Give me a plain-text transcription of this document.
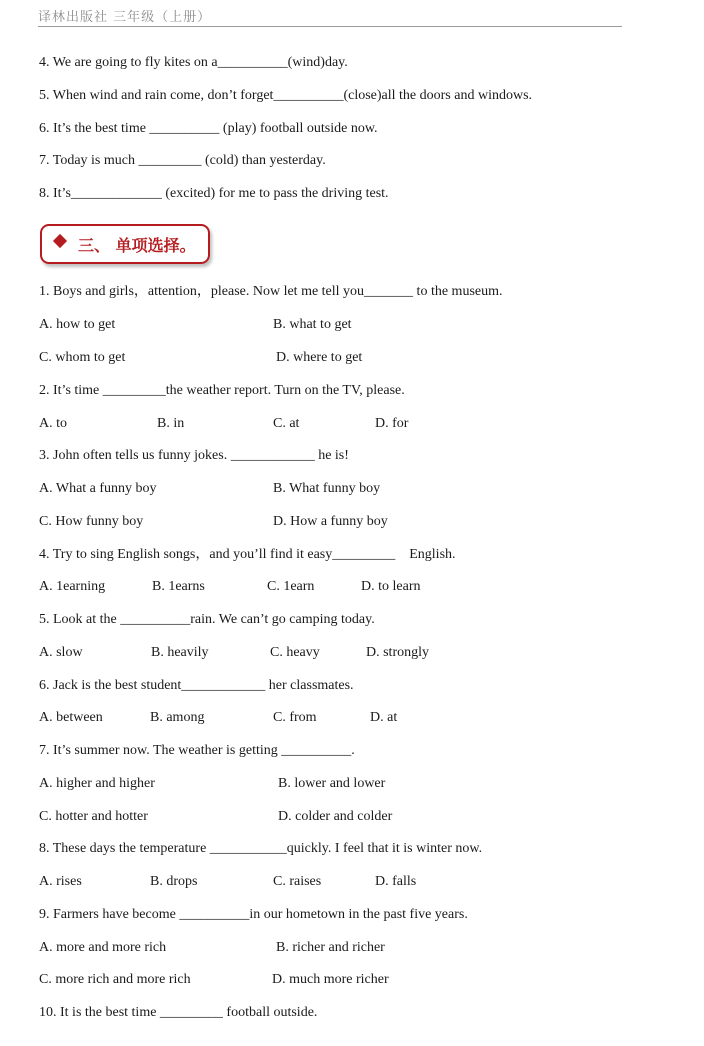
译林出版社 三年级（上册）
4. We are going to fly kites on a__________(wind)day.
5. When wind and rain come, don’t forget__________(close)all the doors and windows.
6. It’s the best time __________ (play) football outside now.
7. Today is much _________ (cold) than yesterday.
8. It’s_____________ (excited) for me to pass the driving test.
三、 单项选择。
1. Boys and girls，attention，please. Now let me tell you_______ to the museum.
A. how to get	B. what to get
C. whom to get	D. where to get
2. It’s time _________the weather report. Turn on the TV, please.
A. to	B. in	C. at	D. for
3. John often tells us funny jokes. ____________ he is!
A. What a funny boy	B. What funny boy
C. How funny boy	D. How a funny boy
4. Try to sing English songs，and you’ll find it easy_________    English.
A. 1earning	B. 1earns	C. 1earn	D. to learn
5. Look at the __________rain. We can’t go camping today.
A. slow	B. heavily	C. heavy	D. strongly
6. Jack is the best student____________ her classmates.
A. between	B. among	C. from	D. at
7. It’s summer now. The weather is getting __________.
A. higher and higher	B. lower and lower
C. hotter and hotter	D. colder and colder
8. These days the temperature ___________quickly. I feel that it is winter now.
A. rises	B. drops	C. raises	D. falls
9. Farmers have become __________in our hometown in the past five years.
A. more and more rich	B. richer and richer
C. more rich and more rich	D. much more richer
10. It is the best time _________ football outside.
